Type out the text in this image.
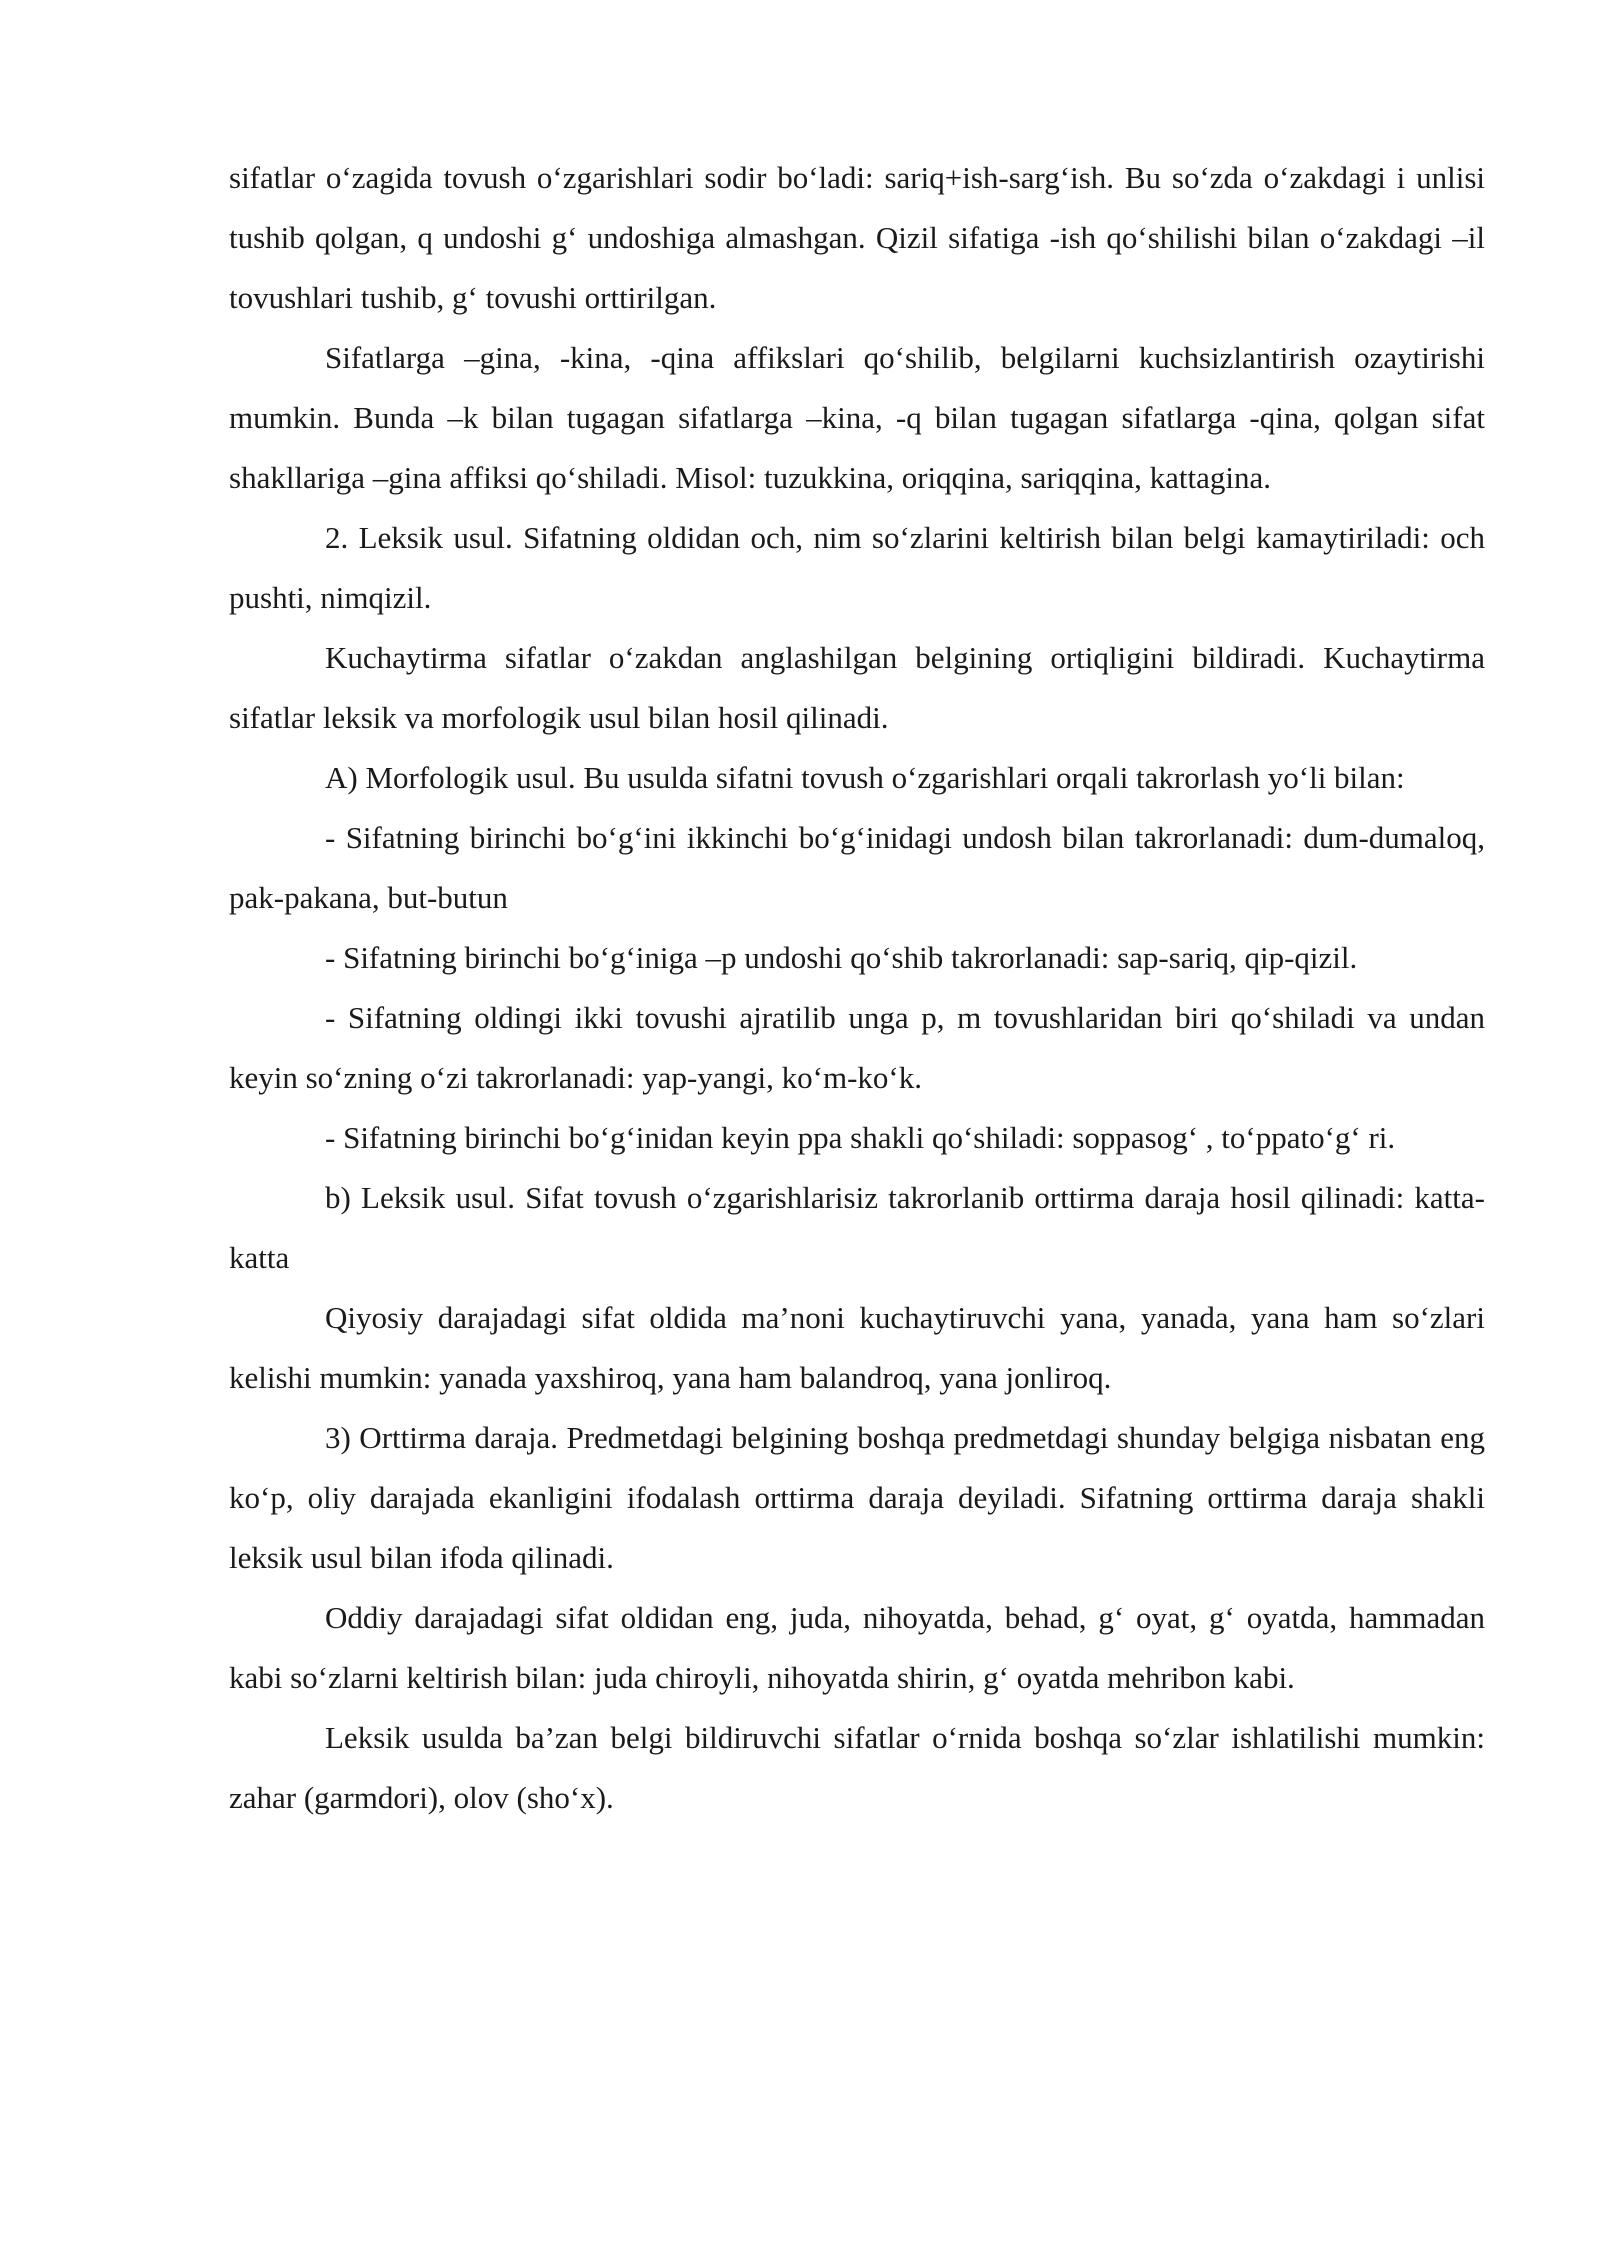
sifatlar o‘zagida tovush o‘zgarishlari sodir bo‘ladi: sariq+ish-sarg‘ish. Bu so‘zda o‘zakdagi i unlisi tushib qolgan, q undoshi g‘ undoshiga almashgan. Qizil sifatiga -ish qo‘shilishi bilan o‘zakdagi –il tovushlari tushib, g‘ tovushi orttirilgan.

Sifatlarga –gina, -kina, -qina affikslari qo‘shilib, belgilarni kuchsizlantirish ozaytirishi mumkin. Bunda –k bilan tugagan sifatlarga –kina, -q bilan tugagan sifatlarga -qina, qolgan sifat shakllariga –gina affiksi qo‘shiladi. Misol: tuzukkina, oriqqina, sariqqina, kattagina.

2. Leksik usul. Sifatning oldidan och, nim so‘zlarini keltirish bilan belgi kamaytiriladi: och pushti, nimqizil.

Kuchaytirma sifatlar o‘zakdan anglashilgan belgining ortiqligini bildiradi. Kuchaytirma sifatlar leksik va morfologik usul bilan hosil qilinadi.

A) Morfologik usul. Bu usulda sifatni tovush o‘zgarishlari orqali takrorlash yo‘li bilan:

- Sifatning birinchi bo‘g‘ini ikkinchi bo‘g‘inidagi undosh bilan takrorlanadi: dum-dumaloq, pak-pakana, but-butun

- Sifatning birinchi bo‘g‘iniga –p undoshi qo‘shib takrorlanadi: sap-sariq, qip-qizil.

- Sifatning oldingi ikki tovushi ajratilib unga p, m tovushlaridan biri qo‘shiladi va undan keyin so‘zning o‘zi takrorlanadi: yap-yangi, ko‘m-ko‘k.

- Sifatning birinchi bo‘g‘inidan keyin ppa shakli qo‘shiladi: soppasog‘ , to‘ppato‘g‘ ri.

b) Leksik usul. Sifat tovush o‘zgarishlarisiz takrorlanib orttirma daraja hosil qilinadi: katta-katta

Qiyosiy darajadagi sifat oldida ma’noni kuchaytiruvchi yana, yanada, yana ham so‘zlari kelishi mumkin: yanada yaxshiroq, yana ham balandroq, yana jonliroq.

3) Orttirma daraja. Predmetdagi belgining boshqa predmetdagi shunday belgiga nisbatan eng ko‘p, oliy darajada ekanligini ifodalash orttirma daraja deyiladi. Sifatning orttirma daraja shakli leksik usul bilan ifoda qilinadi.

Oddiy darajadagi sifat oldidan eng, juda, nihoyatda, behad, g‘ oyat, g‘ oyatda, hammadan kabi so‘zlarni keltirish bilan: juda chiroyli, nihoyatda shirin, g‘ oyatda mehribon kabi.

Leksik usulda ba’zan belgi bildiruvchi sifatlar o‘rnida boshqa so‘zlar ishlatilishi mumkin: zahar (garmdori), olov (sho‘x).
